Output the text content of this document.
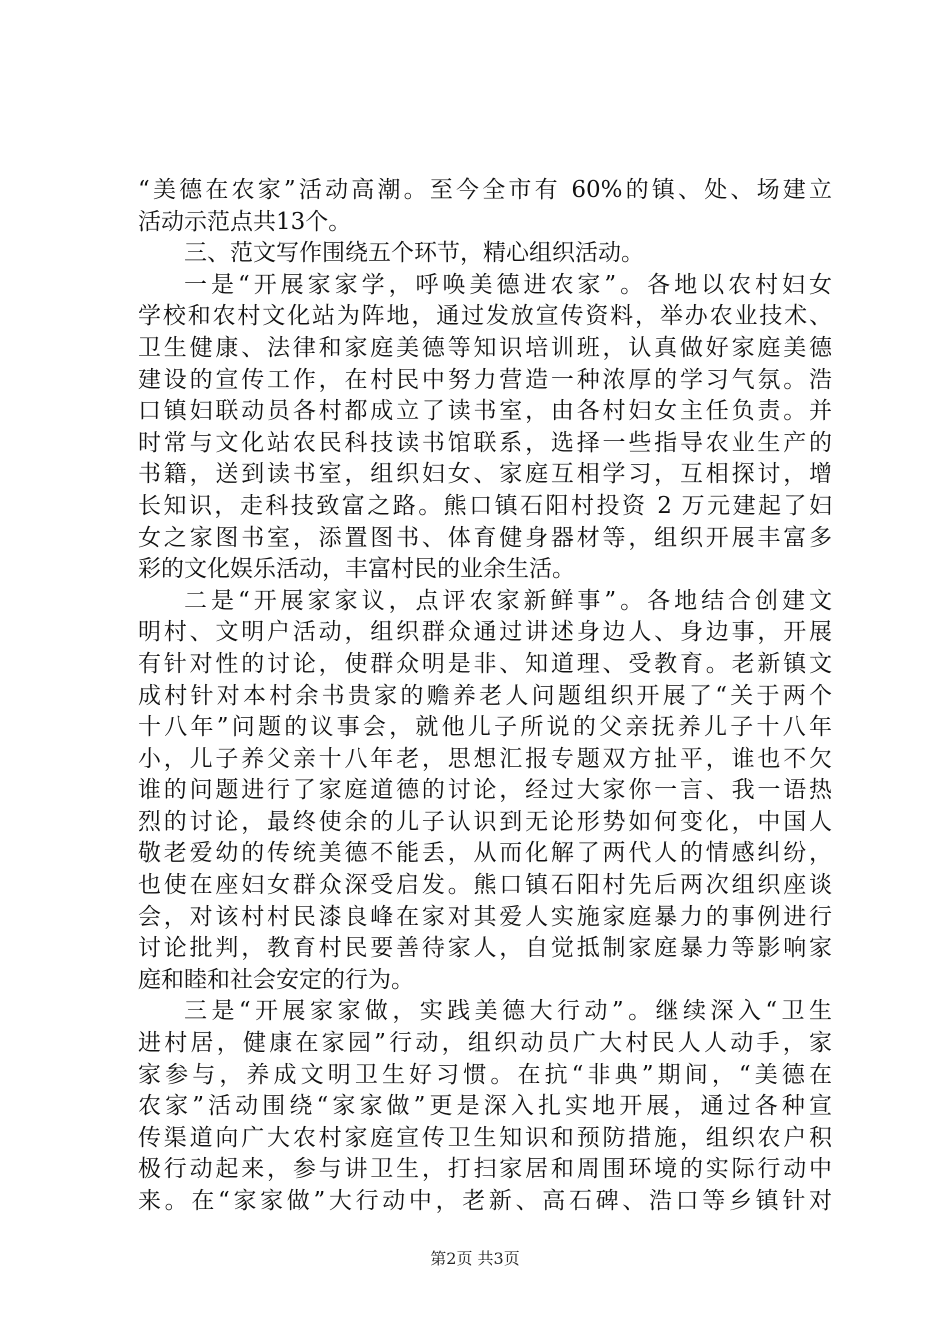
“美德在农家”活动高潮。至今全市有 60%的镇、处、场建立
活动示范点共13个。
三、范文写作围绕五个环节，精心组织活动。
一是“开展家家学，呼唤美德进农家”。各地以农村妇女
学校和农村文化站为阵地，通过发放宣传资料，举办农业技术、
卫生健康、法律和家庭美德等知识培训班，认真做好家庭美德
建设的宣传工作，在村民中努力营造一种浓厚的学习气氛。浩
口镇妇联动员各村都成立了读书室，由各村妇女主任负责。并
时常与文化站农民科技读书馆联系，选择一些指导农业生产的
书籍，送到读书室，组织妇女、家庭互相学习，互相探讨，增
长知识，走科技致富之路。熊口镇石阳村投资 2 万元建起了妇
女之家图书室，添置图书、体育健身器材等，组织开展丰富多
彩的文化娱乐活动，丰富村民的业余生活。
二是“开展家家议，点评农家新鲜事”。各地结合创建文
明村、文明户活动，组织群众通过讲述身边人、身边事，开展
有针对性的讨论，使群众明是非、知道理、受教育。老新镇文
成村针对本村余书贵家的赡养老人问题组织开展了“关于两个
十八年”问题的议事会，就他儿子所说的父亲抚养儿子十八年
小，儿子养父亲十八年老，思想汇报专题双方扯平，谁也不欠
谁的问题进行了家庭道德的讨论，经过大家你一言、我一语热
烈的讨论，最终使余的儿子认识到无论形势如何变化，中国人
敬老爱幼的传统美德不能丢，从而化解了两代人的情感纠纷，
也使在座妇女群众深受启发。熊口镇石阳村先后两次组织座谈
会，对该村村民漆良峰在家对其爱人实施家庭暴力的事例进行
讨论批判，教育村民要善待家人，自觉抵制家庭暴力等影响家
庭和睦和社会安定的行为。
三是“开展家家做，实践美德大行动”。继续深入“卫生
进村居，健康在家园”行动，组织动员广大村民人人动手，家
家参与，养成文明卫生好习惯。在抗“非典”期间，“美德在
农家”活动围绕“家家做”更是深入扎实地开展，通过各种宣
传渠道向广大农村家庭宣传卫生知识和预防措施，组织农户积
极行动起来，参与讲卫生，打扫家居和周围环境的实际行动中
来。在“家家做”大行动中，老新、高石碑、浩口等乡镇针对
第2页 共3页
